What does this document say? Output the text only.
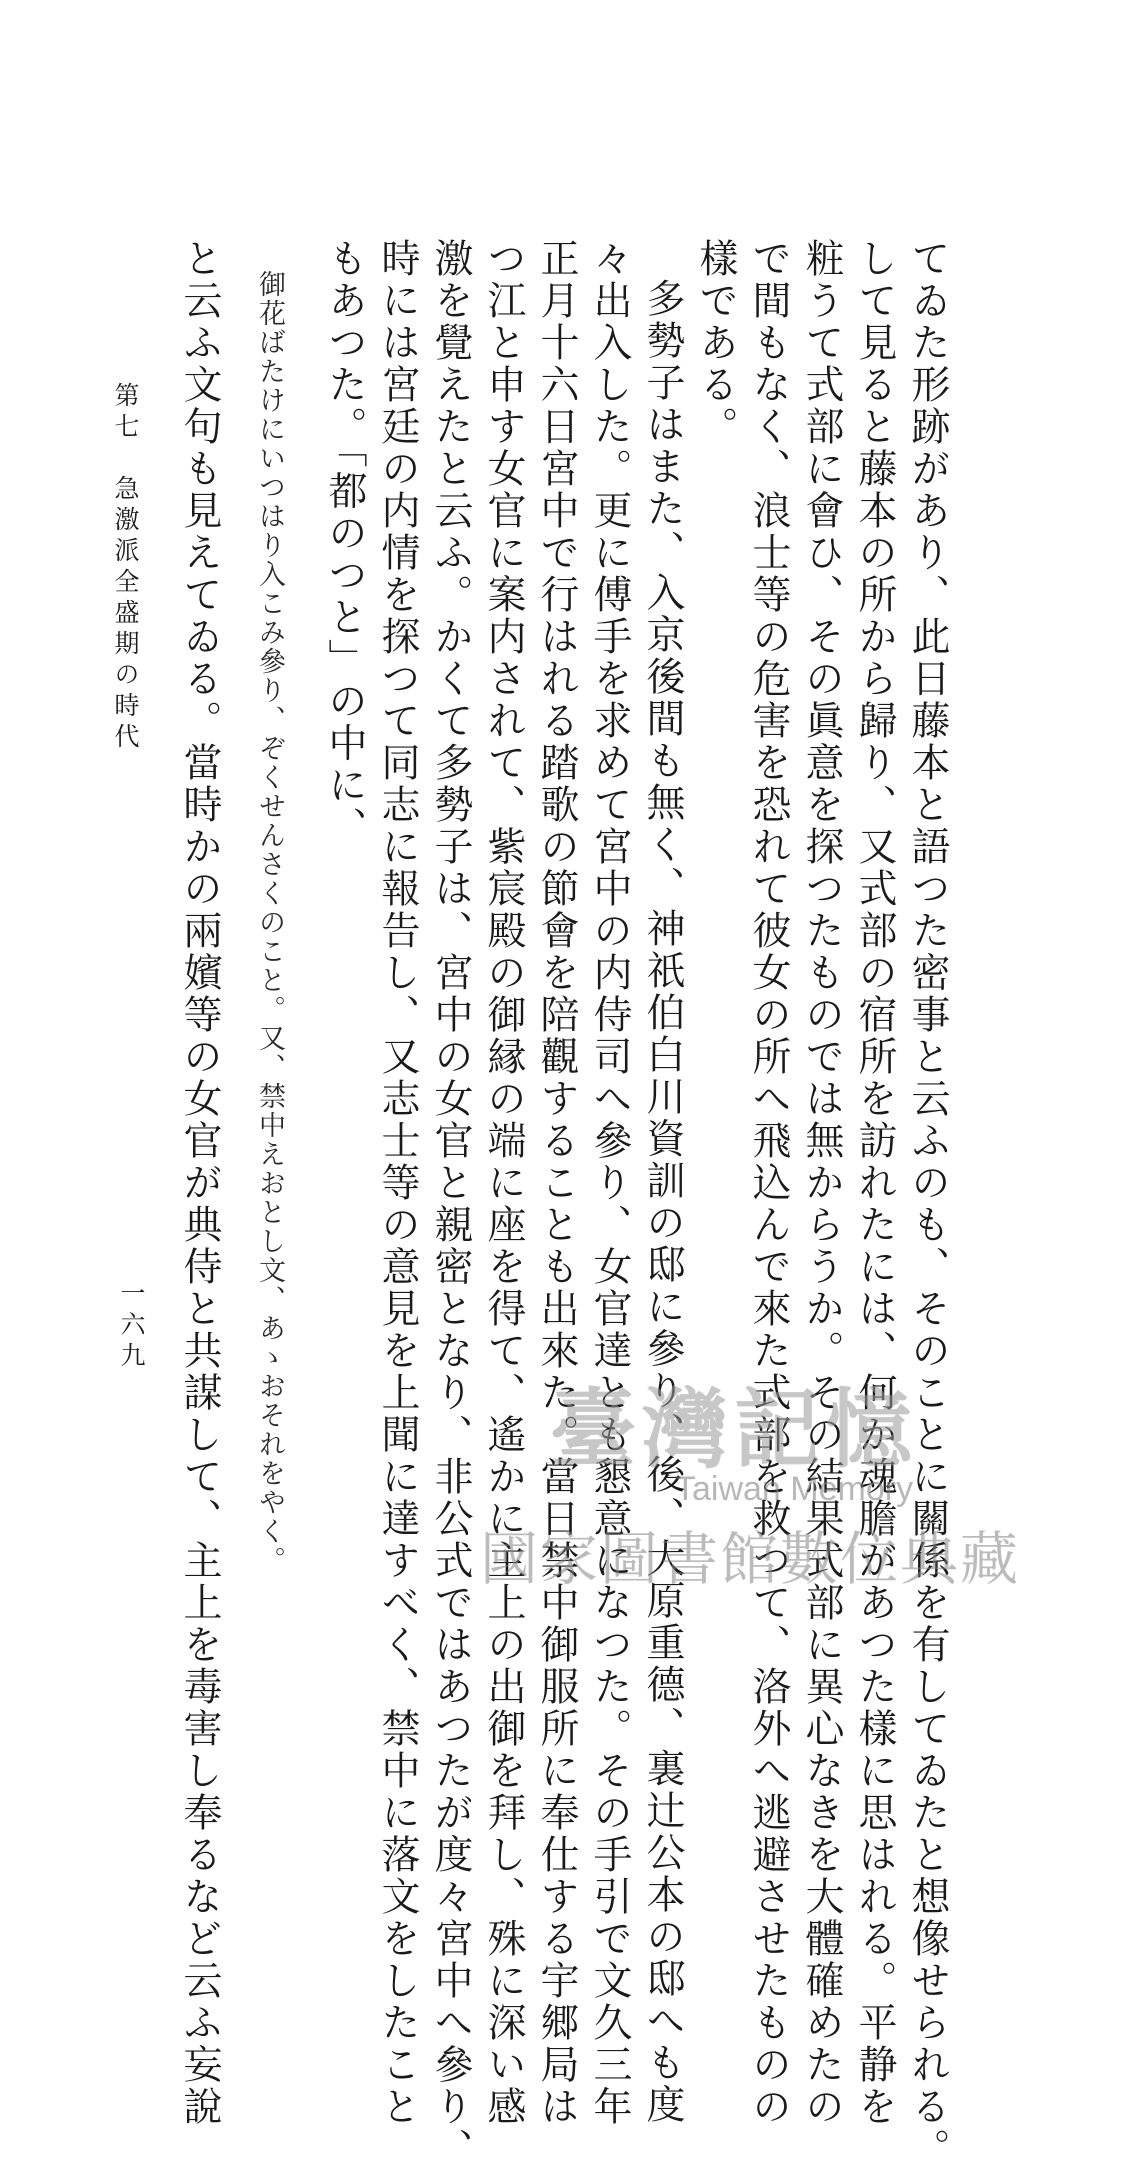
てゐた形跡があり、此日藤本と語つた密事と云ふのも、そのことに關係を有してゐたと想像せられる。
して見ると藤本の所から歸り、又式部の宿所を訪れたには、何か魂膽があつた樣に思はれる。平静を
粧うて式部に會ひ、その眞意を探つたものでは無からうか。その結果式部に異心なきを大體確めたの
で間もなく、浪士等の危害を恐れて彼女の所へ飛込んで來た式部を救つて、洛外へ逃避させたものの
樣である。
多勢子はまた、入京後間も無く、神祇伯白川資訓の邸に參り、後、大原重德、裏辻公本の邸へも度
々出入した。更に傅手を求めて宮中の内侍司へ參り、女官達とも懇意になつた。その手引で文久三年
正月十六日宮中で行はれる踏歌の節會を陪觀することも出來た。當日禁中御服所に奉仕する宇郷局は
つ江と申す女官に案内されて、紫宸殿の御縁の端に座を得て、遙かに主上の出御を拜し、殊に深い感
激を覺えたと云ふ。かくて多勢子は、宮中の女官と親密となり、非公式ではあつたが度々宮中へ參り、
時には宮廷の内情を探つて同志に報告し、又志士等の意見を上聞に達すべく、禁中に落文をしたこと
もあつた。「都のつと」の中に、
御花ばたけにいつはり入こみ參り、ぞくせんさくのこと。又、禁中えおとし文、あゝおそれをやく。
と云ふ文句も見えてゐる。當時かの兩嬪等の女官が典侍と共謀して、主上を毒害し奉るなど云ふ妄說
第七　急激派全盛期の時代
一六九
臺灣記憶
Taiwan Memory
國家圖書館數位典藏
